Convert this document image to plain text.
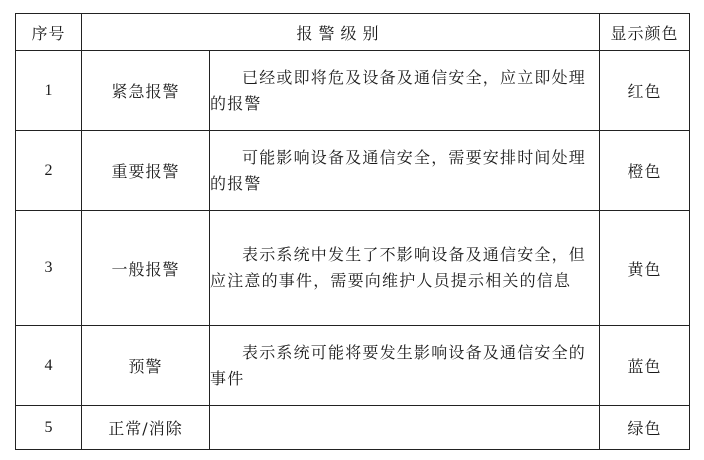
序号	报警级别		显示颜色
1	紧急报警	已经或即将危及设备及通信安全，应立即处理的报警	红色
2	重要报警	可能影响设备及通信安全，需要安排时间处理的报警	橙色
3	一般报警	表示系统中发生了不影响设备及通信安全，但应注意的事件，需要向维护人员提示相关的信息	黄色
4	预警	表示系统可能将要发生影响设备及通信安全的事件	蓝色
5	正常/消除		绿色
